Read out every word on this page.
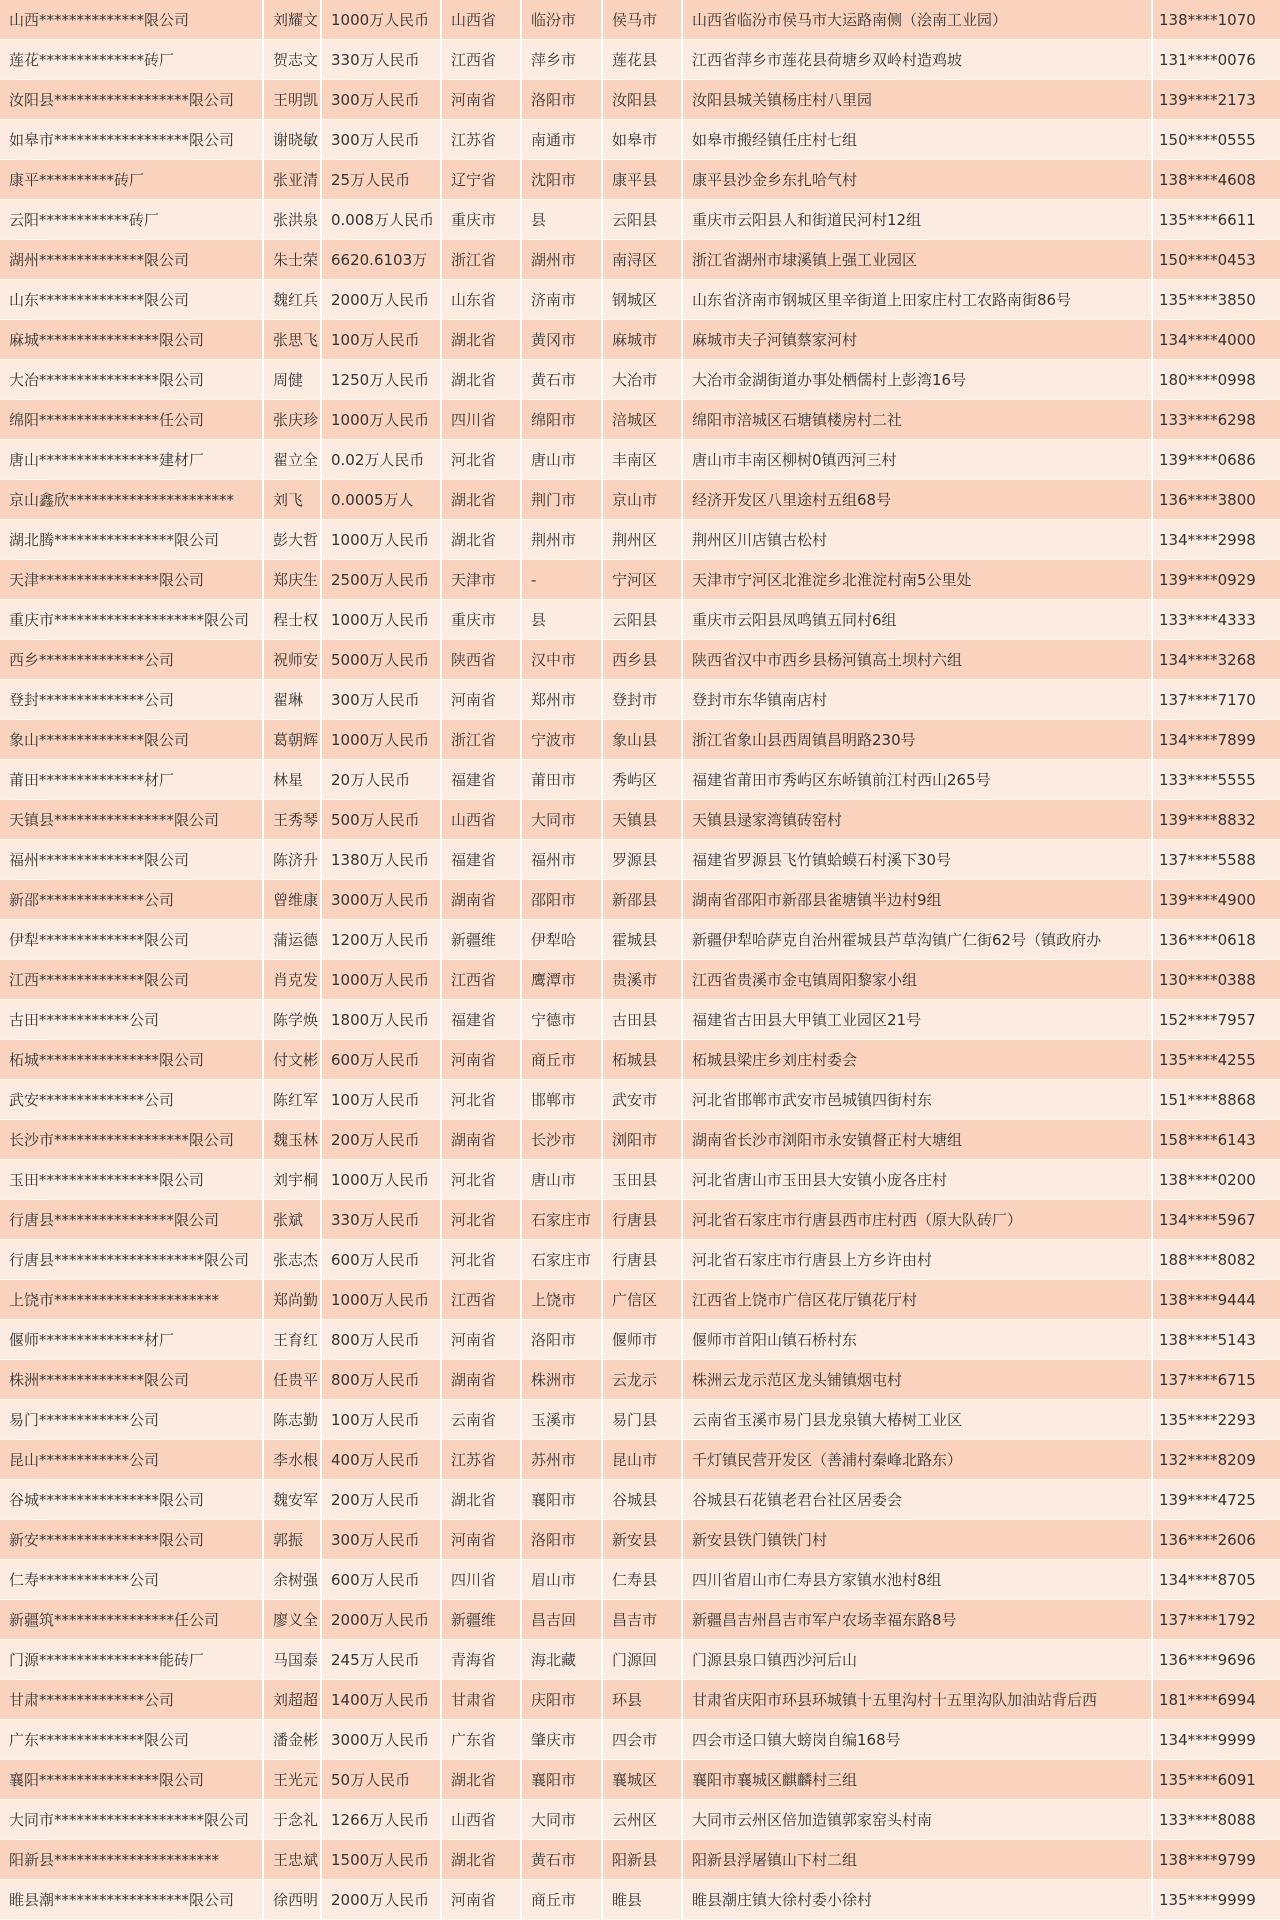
山西**************限公司	刘耀文	1000万人民币	山西省	临汾市	侯马市	山西省临汾市侯马市大运路南侧（浍南工业园）	138****1070
莲花**************砖厂	贺志文	330万人民币	江西省	萍乡市	莲花县	江西省萍乡市莲花县荷塘乡双岭村造鸡坡	131****0076
汝阳县******************限公司	王明凯	300万人民币	河南省	洛阳市	汝阳县	汝阳县城关镇杨庄村八里园	139****2173
如皋市******************限公司	谢晓敏	300万人民币	江苏省	南通市	如皋市	如皋市搬经镇任庄村七组	150****0555
康平**********砖厂	张亚清	25万人民币	辽宁省	沈阳市	康平县	康平县沙金乡东扎哈气村	138****4608
云阳************砖厂	张洪泉	0.008万人民币	重庆市	县	云阳县	重庆市云阳县人和街道民河村12组	135****6611
湖州**************限公司	朱士荣	6620.6103万	浙江省	湖州市	南浔区	浙江省湖州市埭溪镇上强工业园区	150****0453
山东**************限公司	魏红兵	2000万人民币	山东省	济南市	钢城区	山东省济南市钢城区里辛街道上田家庄村工农路南街86号	135****3850
麻城****************限公司	张思飞	100万人民币	湖北省	黄冈市	麻城市	麻城市夫子河镇蔡家河村	134****4000
大冶****************限公司	周健	1250万人民币	湖北省	黄石市	大冶市	大冶市金湖街道办事处栖儒村上彭湾16号	180****0998
绵阳****************任公司	张庆珍	1000万人民币	四川省	绵阳市	涪城区	绵阳市涪城区石塘镇楼房村二社	133****6298
唐山****************建材厂	翟立全	0.02万人民币	河北省	唐山市	丰南区	唐山市丰南区柳树0镇西河三村	139****0686
京山鑫欣**********************	刘飞	0.0005万人	湖北省	荆门市	京山市	经济开发区八里途村五组68号	136****3800
湖北腾****************限公司	彭大哲	1000万人民币	湖北省	荆州市	荆州区	荆州区川店镇古松村	134****2998
天津****************限公司	郑庆生	2500万人民币	天津市	-	宁河区	天津市宁河区北淮淀乡北淮淀村南5公里处	139****0929
重庆市********************限公司	程士权	1000万人民币	重庆市	县	云阳县	重庆市云阳县凤鸣镇五同村6组	133****4333
西乡**************公司	祝师安	5000万人民币	陕西省	汉中市	西乡县	陕西省汉中市西乡县杨河镇高土坝村六组	134****3268
登封**************公司	翟琳	300万人民币	河南省	郑州市	登封市	登封市东华镇南店村	137****7170
象山**************限公司	葛朝辉	1000万人民币	浙江省	宁波市	象山县	浙江省象山县西周镇昌明路230号	134****7899
莆田**************材厂	林星	20万人民币	福建省	莆田市	秀屿区	福建省莆田市秀屿区东峤镇前江村西山265号	133****5555
天镇县****************限公司	王秀琴	500万人民币	山西省	大同市	天镇县	天镇县逯家湾镇砖窑村	139****8832
福州**************限公司	陈济升	1380万人民币	福建省	福州市	罗源县	福建省罗源县飞竹镇蛤蟆石村溪下30号	137****5588
新邵**************公司	曾维康	3000万人民币	湖南省	邵阳市	新邵县	湖南省邵阳市新邵县雀塘镇半边村9组	139****4900
伊犁**************限公司	蒲运德	1200万人民币	新疆维	伊犁哈	霍城县	新疆伊犁哈萨克自治州霍城县芦草沟镇广仁街62号（镇政府办	136****0618
江西**************限公司	肖克发	1000万人民币	江西省	鹰潭市	贵溪市	江西省贵溪市金屯镇周阳黎家小组	130****0388
古田************公司	陈学焕	1800万人民币	福建省	宁德市	古田县	福建省古田县大甲镇工业园区21号	152****7957
柘城****************限公司	付文彬	600万人民币	河南省	商丘市	柘城县	柘城县梁庄乡刘庄村委会	135****4255
武安**************公司	陈红军	100万人民币	河北省	邯郸市	武安市	河北省邯郸市武安市邑城镇四街村东	151****8868
长沙市******************限公司	魏玉林	200万人民币	湖南省	长沙市	浏阳市	湖南省长沙市浏阳市永安镇督正村大塘组	158****6143
玉田****************限公司	刘宇桐	1000万人民币	河北省	唐山市	玉田县	河北省唐山市玉田县大安镇小庞各庄村	138****0200
行唐县****************限公司	张斌	330万人民币	河北省	石家庄市	行唐县	河北省石家庄市行唐县西市庄村西（原大队砖厂）	134****5967
行唐县********************限公司	张志杰	600万人民币	河北省	石家庄市	行唐县	河北省石家庄市行唐县上方乡许由村	188****8082
上饶市**********************	郑尚勤	1000万人民币	江西省	上饶市	广信区	江西省上饶市广信区花厅镇花厅村	138****9444
偃师**************材厂	王育红	800万人民币	河南省	洛阳市	偃师市	偃师市首阳山镇石桥村东	138****5143
株洲**************限公司	任贵平	800万人民币	湖南省	株洲市	云龙示	株洲云龙示范区龙头铺镇烟屯村	137****6715
易门************公司	陈志勤	100万人民币	云南省	玉溪市	易门县	云南省玉溪市易门县龙泉镇大椿树工业区	135****2293
昆山************公司	李水根	400万人民币	江苏省	苏州市	昆山市	千灯镇民营开发区（善浦村秦峰北路东）	132****8209
谷城****************限公司	魏安军	200万人民币	湖北省	襄阳市	谷城县	谷城县石花镇老君台社区居委会	139****4725
新安****************限公司	郭振	300万人民币	河南省	洛阳市	新安县	新安县铁门镇铁门村	136****2606
仁寿************公司	余树强	600万人民币	四川省	眉山市	仁寿县	四川省眉山市仁寿县方家镇水池村8组	134****8705
新疆筑****************任公司	廖义全	2000万人民币	新疆维	昌吉回	昌吉市	新疆昌吉州昌吉市军户农场幸福东路8号	137****1792
门源****************能砖厂	马国泰	245万人民币	青海省	海北藏	门源回	门源县泉口镇西沙河后山	136****9696
甘肃**************公司	刘超超	1400万人民币	甘肃省	庆阳市	环县	甘肃省庆阳市环县环城镇十五里沟村十五里沟队加油站背后西	181****6994
广东**************限公司	潘金彬	3000万人民币	广东省	肇庆市	四会市	四会市迳口镇大螃岗自编168号	134****9999
襄阳****************限公司	王光元	50万人民币	湖北省	襄阳市	襄城区	襄阳市襄城区麒麟村三组	135****6091
大同市********************限公司	于念礼	1266万人民币	山西省	大同市	云州区	大同市云州区倍加造镇郭家窑头村南	133****8088
阳新县**********************	王忠斌	1500万人民币	湖北省	黄石市	阳新县	阳新县浮屠镇山下村二组	138****9799
睢县潮******************限公司	徐西明	2000万人民币	河南省	商丘市	睢县	睢县潮庄镇大徐村委小徐村	135****9999
